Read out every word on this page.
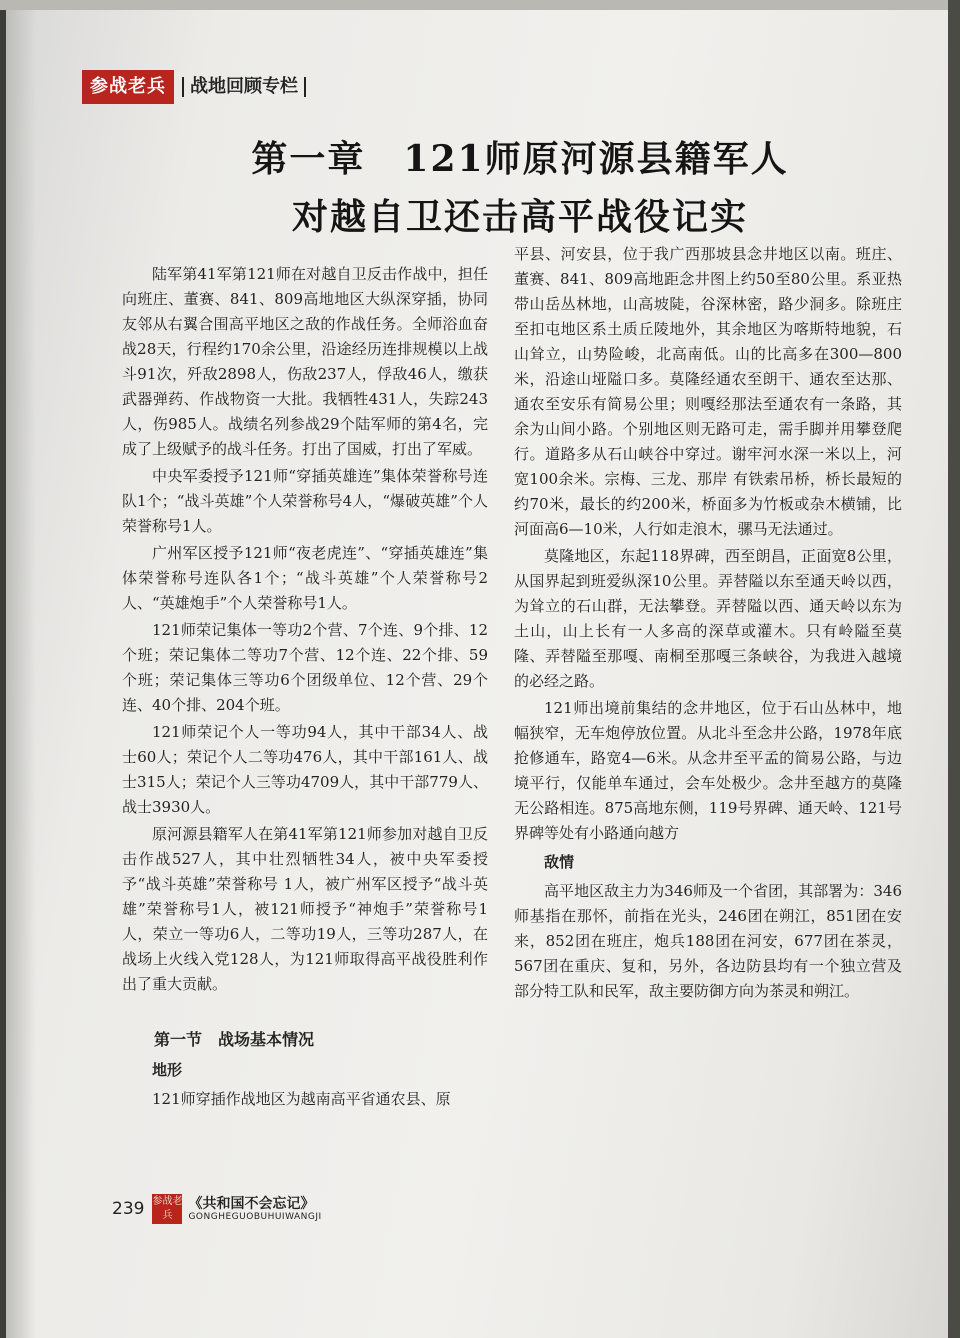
参战老兵	战地回顾专栏
第一章　121师原河源县籍军人
对越自卫还击高平战役记实

陆军第41军第121师在对越自卫反击作战中，担任向班庄、董赛、841、809高地地区大纵深穿插，协同友邻从右翼合围高平地区之敌的作战任务。全师浴血奋战28天，行程约170余公里，沿途经历连排规模以上战斗91次，歼敌2898人，伤敌237人，俘敌46人，缴获武器弹药、作战物资一大批。我牺牲431人，失踪243人，伤985人。战绩名列参战29个陆军师的第4名，完成了上级赋予的战斗任务。打出了国威，打出了军威。

中央军委授予121师“穿插英雄连”集体荣誉称号连队1个；“战斗英雄”个人荣誉称号4人，“爆破英雄”个人荣誉称号1人。

广州军区授予121师“夜老虎连”、“穿插英雄连”集体荣誉称号连队各1个；“战斗英雄”个人荣誉称号2人、“英雄炮手”个人荣誉称号1人。

121师荣记集体一等功2个营、7个连、9个排、12个班；荣记集体二等功7个营、12个连、22个排、59个班；荣记集体三等功6个团级单位、12个营、29个连、40个排、204个班。

121师荣记个人一等功94人，其中干部34人、战士60人；荣记个人二等功476人，其中干部161人、战士315人；荣记个人三等功4709人，其中干部779人、战士3930人。

原河源县籍军人在第41军第121师参加对越自卫反击作战527人，其中壮烈牺牲34人，被中央军委授予“战斗英雄”荣誉称号 1人，被广州军区授予“战斗英雄”荣誉称号1人，被121师授予“神炮手”荣誉称号1人，荣立一等功6人，二等功19人，三等功287人，在战场上火线入党128人，为121师取得高平战役胜利作出了重大贡献。

第一节　战场基本情况
地形

121师穿插作战地区为越南高平省通农县、原

平县、河安县，位于我广西那坡县念井地区以南。班庄、董赛、841、809高地距念井图上约50至80公里。系亚热带山岳丛林地，山高坡陡，谷深林密，路少洞多。除班庄至扣屯地区系土质丘陵地外，其余地区为喀斯特地貌，石山耸立，山势险峻，北高南低。山的比高多在300—800米，沿途山垭隘口多。莫隆经通农至朗干、通农至达那、通农至安乐有简易公里；则嘎经那法至通农有一条路，其余为山间小路。个别地区则无路可走，需手脚并用攀登爬行。道路多从石山峡谷中穿过。谢牢河水深一米以上，河宽100余米。宗梅、三龙、那岸 有铁索吊桥，桥长最短的约70米，最长的约200米，桥面多为竹板或杂木横铺，比河面高6—10米，人行如走浪木，骡马无法通过。

莫隆地区，东起118界碑，西至朗昌，正面宽8公里，从国界起到班爱纵深10公里。弄替隘以东至通天岭以西，为耸立的石山群，无法攀登。弄替隘以西、通天岭以东为土山，山上长有一人多高的深草或灌木。只有岭隘至莫隆、弄替隘至那嘎、南桐至那嘎三条峡谷，为我进入越境的必经之路。

121师出境前集结的念井地区，位于石山丛林中，地幅狭窄，无车炮停放位置。从北斗至念井公路，1978年底抢修通车，路宽4—6米。从念井至平孟的简易公路，与边境平行，仅能单车通过，会车处极少。念井至越方的莫隆无公路相连。875高地东侧，119号界碑、通天岭、121号界碑等处有小路通向越方

敌情

高平地区敌主力为346师及一个省团，其部署为：346师基指在那怀，前指在光头，246团在朔江，851团在安来，852团在班庄，炮兵188团在河安，677团在茶灵，567团在重庆、复和，另外，各边防县均有一个独立营及部分特工队和民军，敌主要防御方向为茶灵和朔江。

239 参战老兵
《共和国不会忘记》
GONGHEGUOBUHUIWANGJI
